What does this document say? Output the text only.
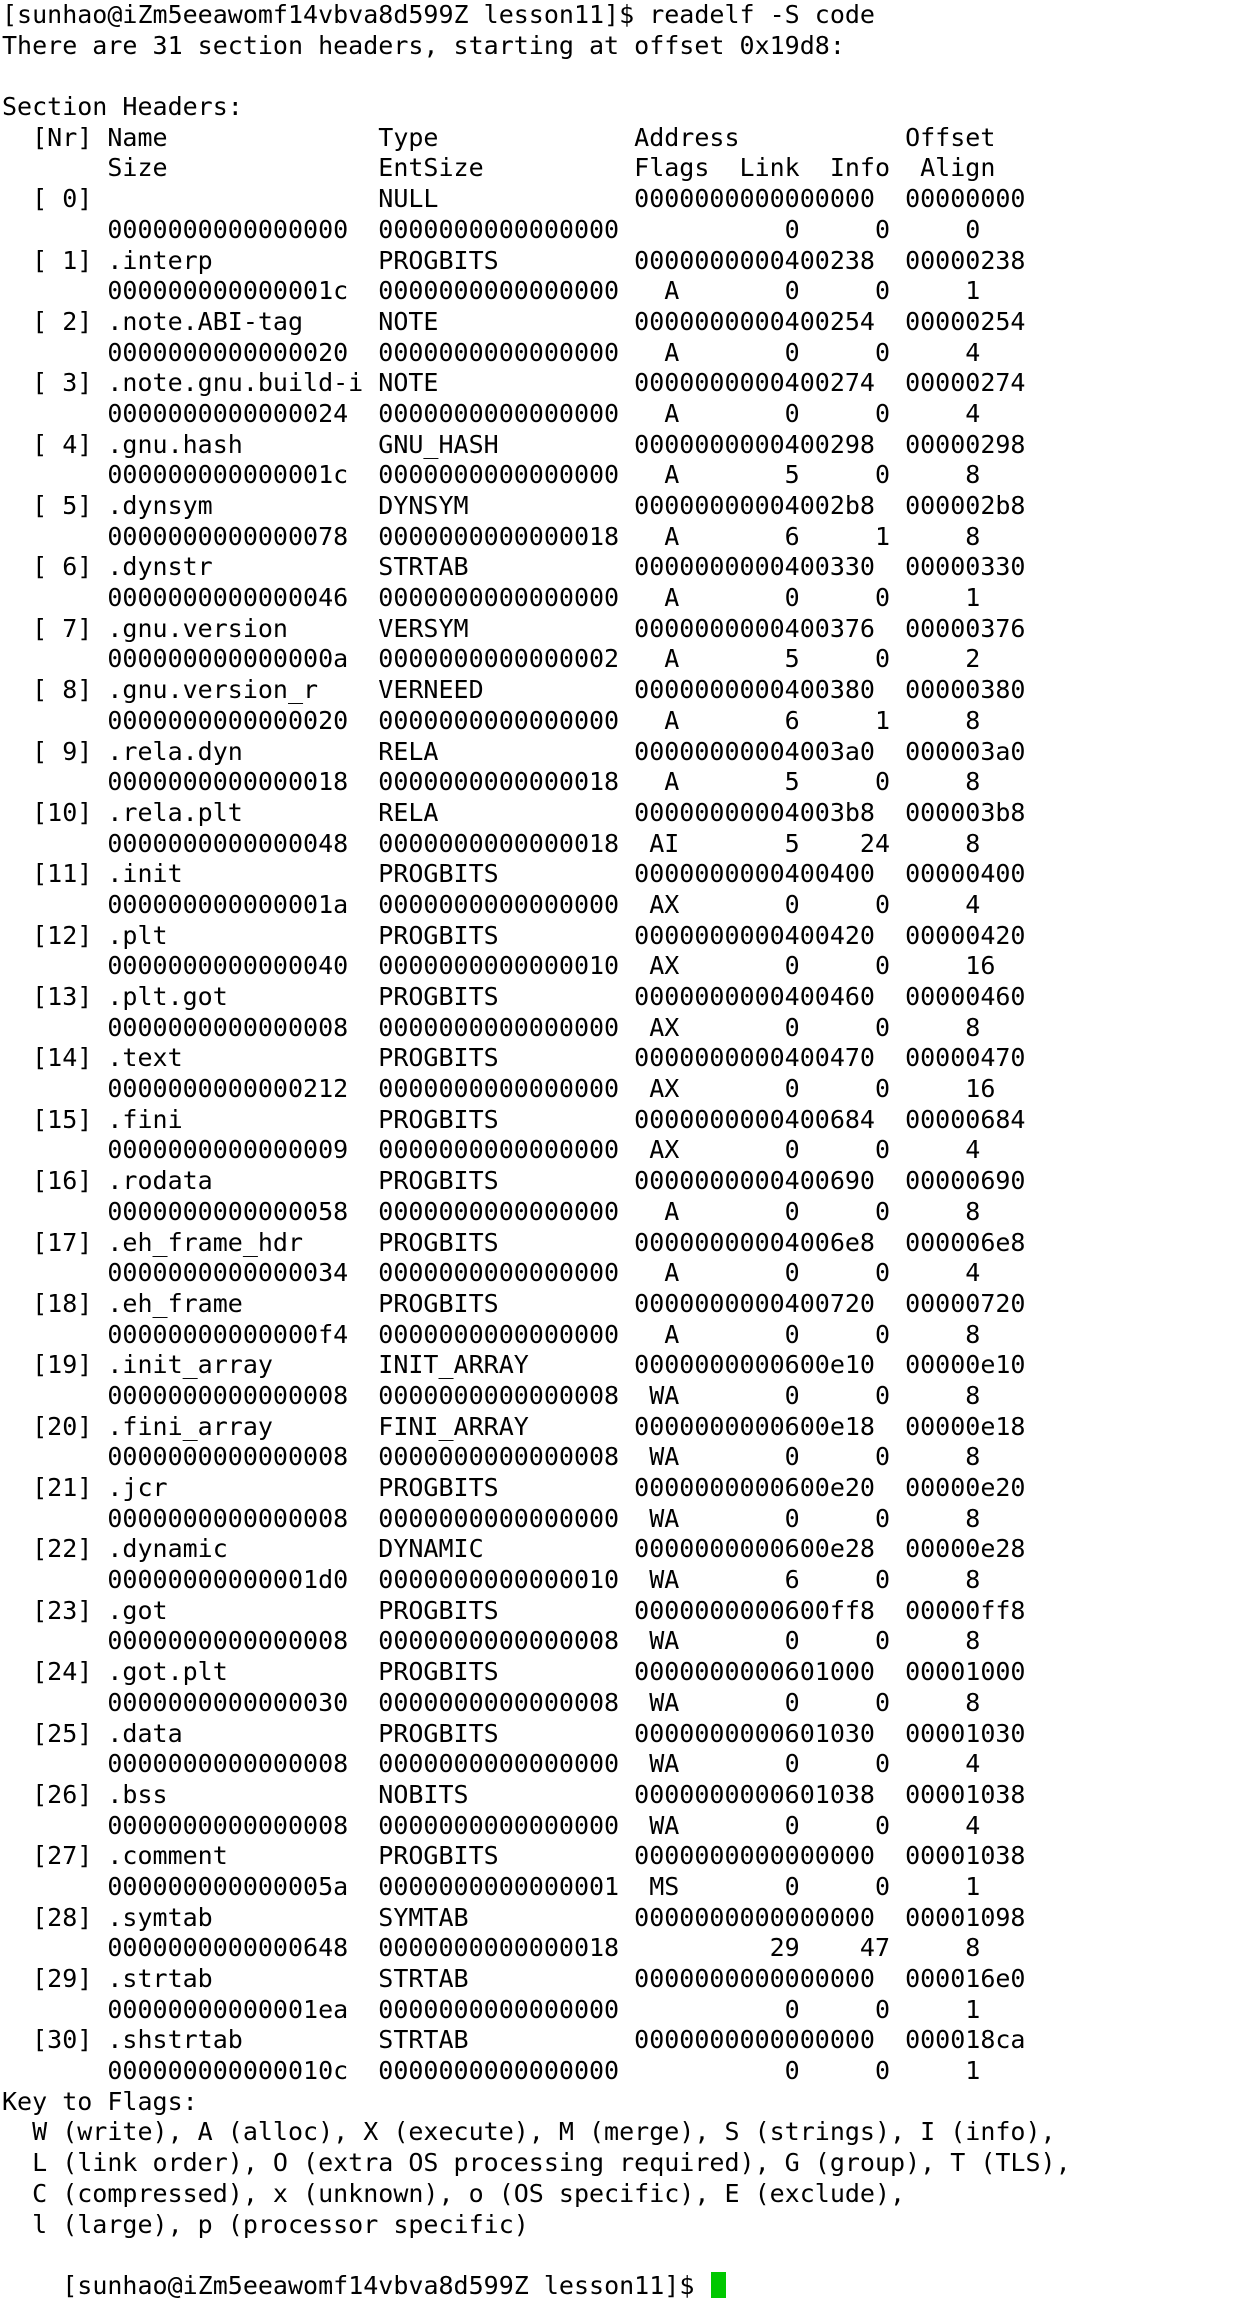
[sunhao@iZm5eeawomf14vbva8d599Z lesson11]$ readelf -S code
There are 31 section headers, starting at offset 0x19d8:
Section Headers:
[Nr] Name              Type             Address           Offset
Size              EntSize          Flags  Link  Info  Align
[ 0]                   NULL             0000000000000000  00000000
0000000000000000  0000000000000000           0     0     0
[ 1] .interp           PROGBITS         0000000000400238  00000238
000000000000001c  0000000000000000   A       0     0     1
[ 2] .note.ABI-tag     NOTE             0000000000400254  00000254
0000000000000020  0000000000000000   A       0     0     4
[ 3] .note.gnu.build-i NOTE             0000000000400274  00000274
0000000000000024  0000000000000000   A       0     0     4
[ 4] .gnu.hash         GNU_HASH         0000000000400298  00000298
000000000000001c  0000000000000000   A       5     0     8
[ 5] .dynsym           DYNSYM           00000000004002b8  000002b8
0000000000000078  0000000000000018   A       6     1     8
[ 6] .dynstr           STRTAB           0000000000400330  00000330
0000000000000046  0000000000000000   A       0     0     1
[ 7] .gnu.version      VERSYM           0000000000400376  00000376
000000000000000a  0000000000000002   A       5     0     2
[ 8] .gnu.version_r    VERNEED          0000000000400380  00000380
0000000000000020  0000000000000000   A       6     1     8
[ 9] .rela.dyn         RELA             00000000004003a0  000003a0
0000000000000018  0000000000000018   A       5     0     8
[10] .rela.plt         RELA             00000000004003b8  000003b8
0000000000000048  0000000000000018  AI       5    24     8
[11] .init             PROGBITS         0000000000400400  00000400
000000000000001a  0000000000000000  AX       0     0     4
[12] .plt              PROGBITS         0000000000400420  00000420
0000000000000040  0000000000000010  AX       0     0     16
[13] .plt.got          PROGBITS         0000000000400460  00000460
0000000000000008  0000000000000000  AX       0     0     8
[14] .text             PROGBITS         0000000000400470  00000470
0000000000000212  0000000000000000  AX       0     0     16
[15] .fini             PROGBITS         0000000000400684  00000684
0000000000000009  0000000000000000  AX       0     0     4
[16] .rodata           PROGBITS         0000000000400690  00000690
0000000000000058  0000000000000000   A       0     0     8
[17] .eh_frame_hdr     PROGBITS         00000000004006e8  000006e8
0000000000000034  0000000000000000   A       0     0     4
[18] .eh_frame         PROGBITS         0000000000400720  00000720
00000000000000f4  0000000000000000   A       0     0     8
[19] .init_array       INIT_ARRAY       0000000000600e10  00000e10
0000000000000008  0000000000000008  WA       0     0     8
[20] .fini_array       FINI_ARRAY       0000000000600e18  00000e18
0000000000000008  0000000000000008  WA       0     0     8
[21] .jcr              PROGBITS         0000000000600e20  00000e20
0000000000000008  0000000000000000  WA       0     0     8
[22] .dynamic          DYNAMIC          0000000000600e28  00000e28
00000000000001d0  0000000000000010  WA       6     0     8
[23] .got              PROGBITS         0000000000600ff8  00000ff8
0000000000000008  0000000000000008  WA       0     0     8
[24] .got.plt          PROGBITS         0000000000601000  00001000
0000000000000030  0000000000000008  WA       0     0     8
[25] .data             PROGBITS         0000000000601030  00001030
0000000000000008  0000000000000000  WA       0     0     4
[26] .bss              NOBITS           0000000000601038  00001038
0000000000000008  0000000000000000  WA       0     0     4
[27] .comment          PROGBITS         0000000000000000  00001038
000000000000005a  0000000000000001  MS       0     0     1
[28] .symtab           SYMTAB           0000000000000000  00001098
0000000000000648  0000000000000018          29    47     8
[29] .strtab           STRTAB           0000000000000000  000016e0
00000000000001ea  0000000000000000           0     0     1
[30] .shstrtab         STRTAB           0000000000000000  000018ca
000000000000010c  0000000000000000           0     0     1
Key to Flags:
W (write), A (alloc), X (execute), M (merge), S (strings), I (info),
L (link order), O (extra OS processing required), G (group), T (TLS),
C (compressed), x (unknown), o (OS specific), E (exclude),
l (large), p (processor specific)

[sunhao@iZm5eeawomf14vbva8d599Z lesson11]$
